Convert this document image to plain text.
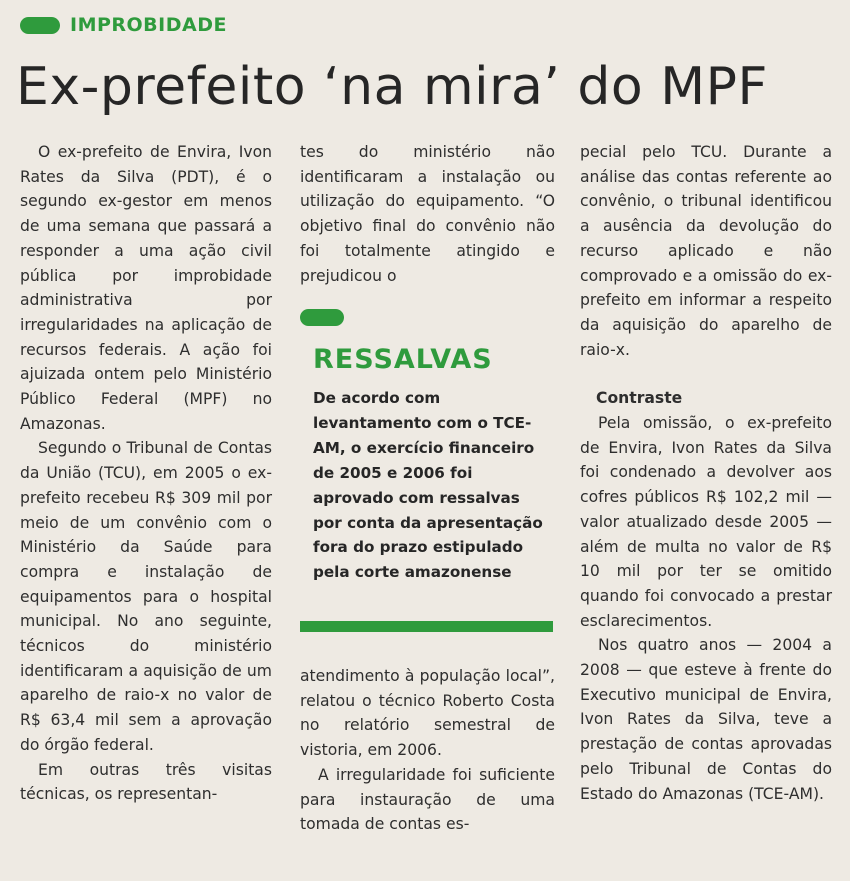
IMPROBIDADE
Ex-prefeito ‘na mira’ do MPF

O ex-prefeito de Envira, Ivon Rates da Silva (PDT), é o segundo ex-gestor em menos de uma semana que passará a responder a uma ação civil pública por improbidade administrativa por irregularidades na aplicação de recursos federais. A ação foi ajuizada ontem pelo Ministério Público Federal (MPF) no Amazonas.

Segundo o Tribunal de Contas da União (TCU), em 2005 o ex-prefeito recebeu R$ 309 mil por meio de um convênio com o Ministério da Saúde para compra e instalação de equipamentos para o hospital municipal. No ano seguinte, técnicos do ministério identificaram a aquisição de um aparelho de raio-x no valor de R$ 63,4 mil sem a aprovação do órgão federal.

Em outras três visitas técnicas, os representan-

tes do ministério não identificaram a instalação ou utilização do equipamento. “O objetivo final do convênio não foi totalmente atingido e prejudicou o

RESSALVAS

De acordo com levantamento com o TCE-AM, o exercício financeiro de 2005 e 2006 foi aprovado com ressalvas por conta da apresentação fora do prazo estipulado pela corte amazonense

atendimento à população local”, relatou o técnico Roberto Costa no relatório semestral de vistoria, em 2006.

A irregularidade foi suficiente para instauração de uma tomada de contas es-

pecial pelo TCU. Durante a análise das contas referente ao convênio, o tribunal identificou a ausência da devolução do recurso aplicado e não comprovado e a omissão do ex-prefeito em informar a respeito da aquisição do aparelho de raio-x.

Contraste

Pela omissão, o ex-prefeito de Envira, Ivon Rates da Silva foi condenado a devolver aos cofres públicos R$ 102,2 mil — valor atualizado desde 2005 — além de multa no valor de R$ 10 mil por ter se omitido quando foi convocado a prestar esclarecimentos.

Nos quatro anos — 2004 a 2008 — que esteve à frente do Executivo municipal de Envira, Ivon Rates da Silva, teve a prestação de contas aprovadas pelo Tribunal de Contas do Estado do Amazonas (TCE-AM).
